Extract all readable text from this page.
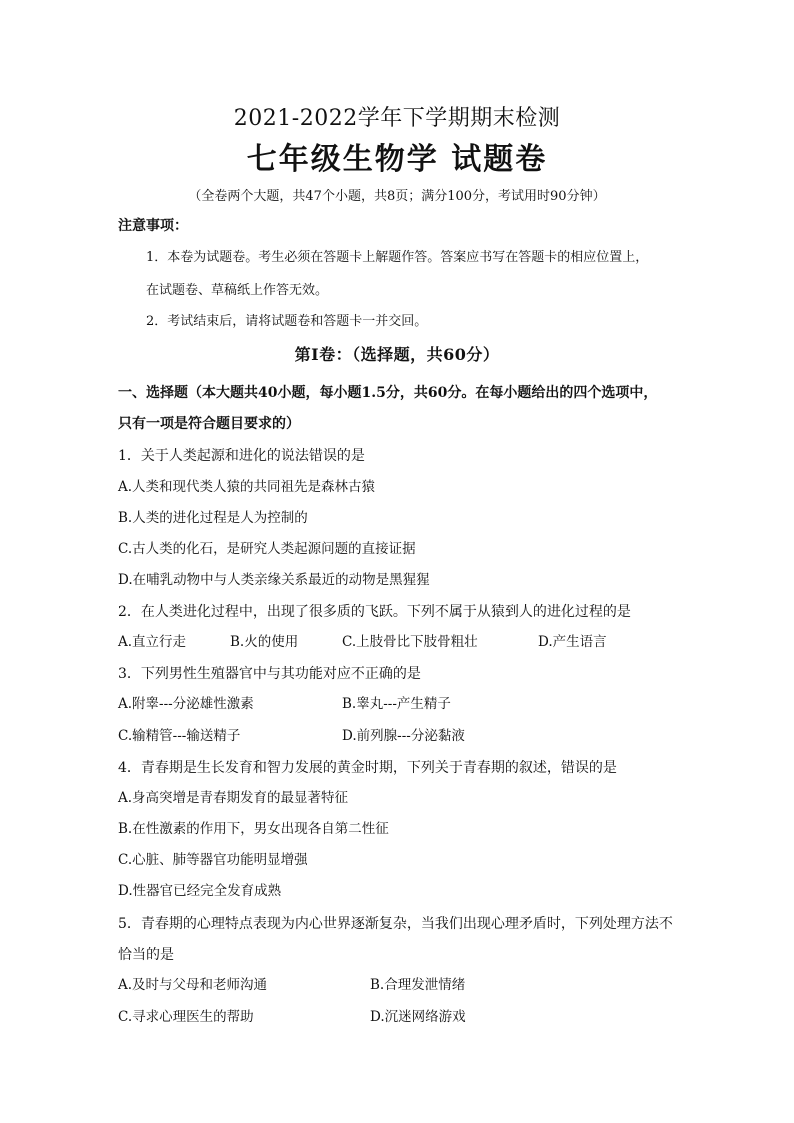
2021-2022学年下学期期末检测
七年级生物学 试题卷
（全卷两个大题，共47个小题，共8页；满分100分，考试用时90分钟）
注意事项：
1．本卷为试题卷。考生必须在答题卡上解题作答。答案应书写在答题卡的相应位置上，
在试题卷、草稿纸上作答无效。
2．考试结束后，请将试题卷和答题卡一并交回。
第Ⅰ卷：（选择题，共60分）
一、选择题（本大题共40小题，每小题1.5分，共60分。在每小题给出的四个选项中，
只有一项是符合题目要求的）
1．关于人类起源和进化的说法错误的是
A.人类和现代类人猿的共同祖先是森林古猿
B.人类的进化过程是人为控制的
C.古人类的化石，是研究人类起源问题的直接证据
D.在哺乳动物中与人类亲缘关系最近的动物是黑猩猩
2．在人类进化过程中，出现了很多质的飞跃。下列不属于从猿到人的进化过程的是
A.直立行走	B.火的使用	C.上肢骨比下肢骨粗壮	D.产生语言
3．下列男性生殖器官中与其功能对应不正确的是
A.附睾---分泌雄性激素	B.睾丸---产生精子
C.输精管---输送精子	D.前列腺---分泌黏液
4．青春期是生长发育和智力发展的黄金时期，下列关于青春期的叙述，错误的是
A.身高突增是青春期发育的最显著特征
B.在性激素的作用下，男女出现各自第二性征
C.心脏、肺等器官功能明显增强
D.性器官已经完全发育成熟
5．青春期的心理特点表现为内心世界逐渐复杂，当我们出现心理矛盾时，下列处理方法不
恰当的是
A.及时与父母和老师沟通	B.合理发泄情绪
C.寻求心理医生的帮助	D.沉迷网络游戏
